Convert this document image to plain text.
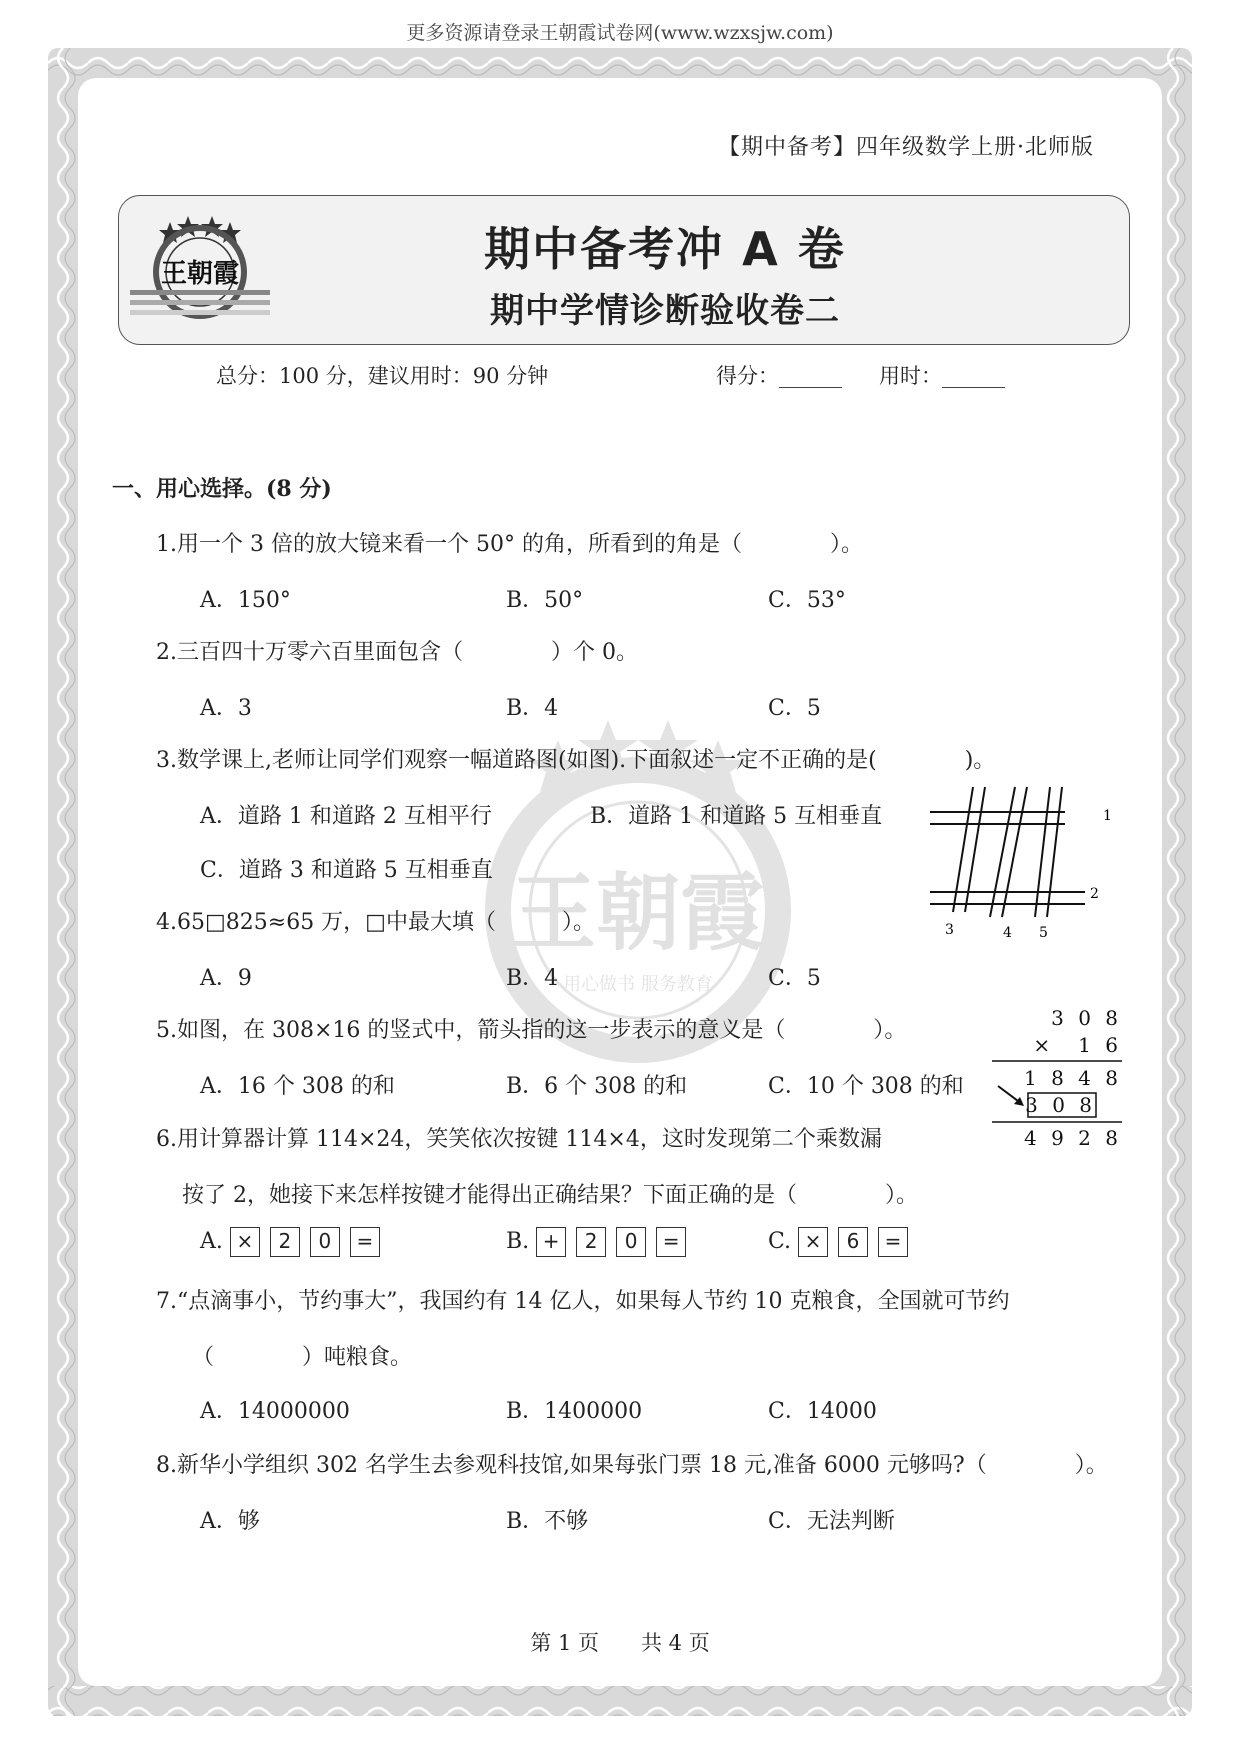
更多资源请登录王朝霞试卷网(www.wzxsjw.com)
【期中备考】四年级数学上册·北师版
王朝霞	期中备考冲 A 卷
期中学情诊断验收卷二
总分：100 分，建议用时：90 分钟	得分：______ 用时：______
王朝霞
用心做书 服务教育
一、用心选择。(8 分)
1.用一个 3 倍的放大镜来看一个 50° 的角，所看到的角是（　　　　）。
A．150°	B．50°	C．53°
2.三百四十万零六百里面包含（　　　　）个 0。
A．3	B．4	C．5
3.数学课上,老师让同学们观察一幅道路图(如图).下面叙述一定不正确的是(　　　　)。
A．道路 1 和道路 2 互相平行	B．道路 1 和道路 5 互相垂直
C．道路 3 和道路 5 互相垂直
1
2
3	4 5
4.65□825≈65 万，□中最大填（　　　）。
A．9	B．4	C．5
5.如图，在 308×16 的竖式中，箭头指的这一步表示的意义是（　　　　）。
A．16 个 308 的和	B．6 个 308 的和	C．10 个 308 的和
3 0 8
×　1 6
1 8 4 8
3 0 8
4 9 2 8
6.用计算器计算 114×24，笑笑依次按键 114×4，这时发现第二个乘数漏
按了 2，她接下来怎样按键才能得出正确结果？下面正确的是（　　　　）。
A. × 2 0 =	B. + 2 0 =	C. × 6 =
7.“点滴事小，节约事大”，我国约有 14 亿人，如果每人节约 10 克粮食，全国就可节约
（　　　　）吨粮食。
A．14000000	B．1400000	C．14000
8.新华小学组织 302 名学生去参观科技馆,如果每张门票 18 元,准备 6000 元够吗?（　　　　）。
A．够	B．不够	C．无法判断
第 1 页　　共 4 页
